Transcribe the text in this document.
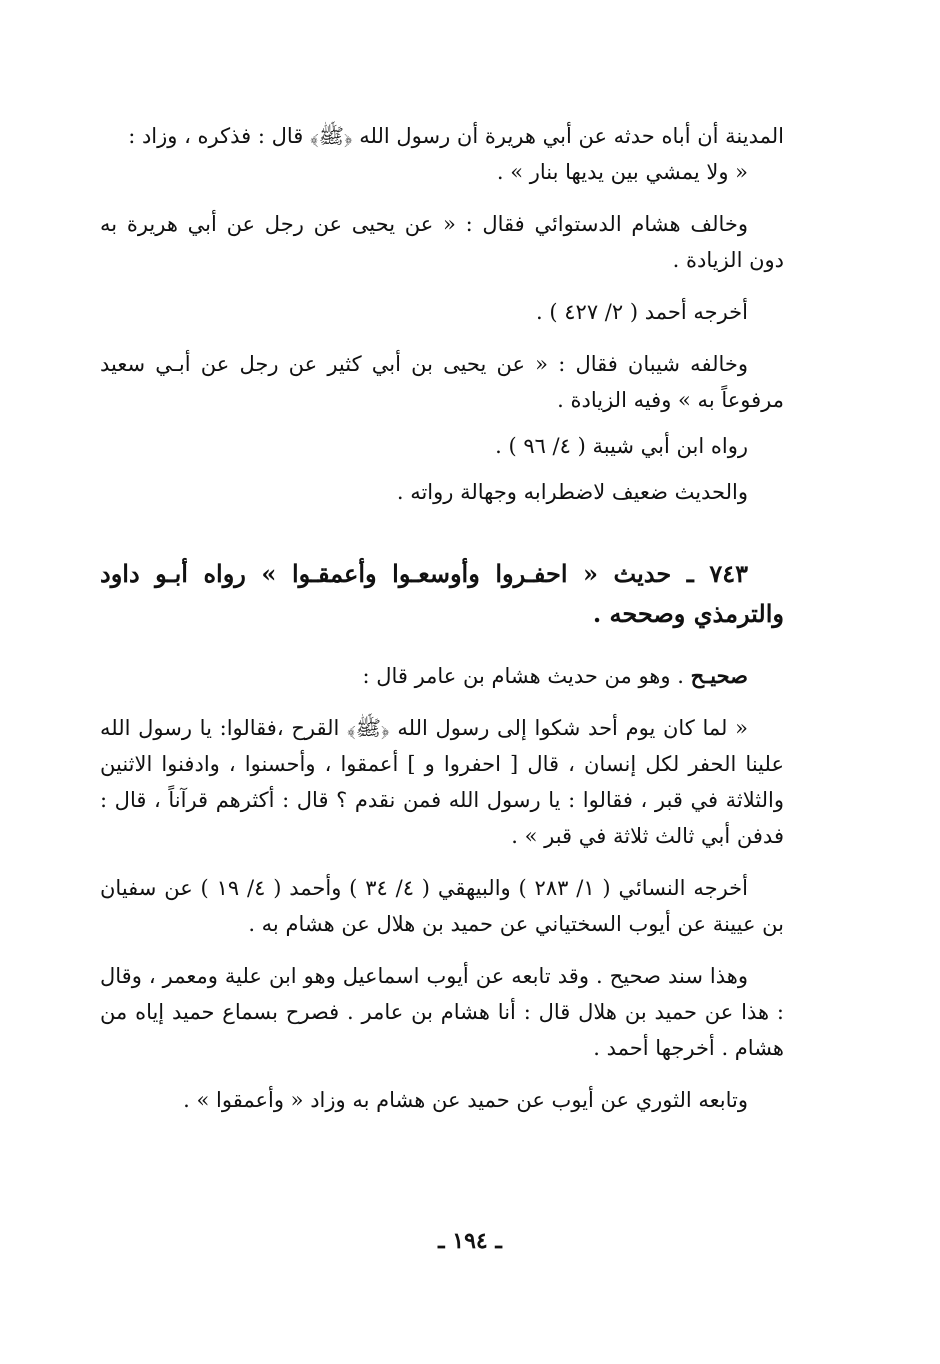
المدينة أن أباه حدثه عن أبي هريرة أن رسول الله ﴿ﷺ﴾ قال : فذكره ، وزاد :

« ولا يمشي بين يديها بنار » .

وخالف هشام الدستوائي فقال : « عن يحيى عن رجل عن أبي هريرة به دون الزيادة .

أخرجه أحمد ( ٢/ ٤٢٧ ) .

وخالفه شيبان فقال : « عن يحيى بن أبي كثير عن رجل عن أبـي سعيد مرفوعاً به » وفيه الزيادة .

رواه ابن أبي شيبة ( ٤/ ٩٦ ) .

والحديث ضعيف لاضطرابه وجهالة رواته .

٧٤٣ ـ حديث « احفـروا وأوسعـوا وأعمقـوا » رواه أبـو داود والترمذي وصححه .

صحيـح . وهو من حديث هشام بن عامر قال :

« لما كان يوم أحد شكوا إلى رسول الله ﴿ﷺ﴾ القرح ،فقالوا: يا رسول الله علينا الحفر لكل إنسان ، قال [ احفروا و ] أعمقوا ، وأحسنوا ، وادفنوا الاثنين والثلاثة في قبر ، فقالوا : يا رسول الله فمن نقدم ؟ قال : أكثرهم قرآناً ، قال : فدفن أبي ثالث ثلاثة في قبر » .

أخرجه النسائي ( ١/ ٢٨٣ ) والبيهقي ( ٤/ ٣٤ ) وأحمد ( ٤/ ١٩ ) عن سفيان بن عيينة عن أيوب السختياني عن حميد بن هلال عن هشام به .

وهذا سند صحيح . وقد تابعه عن أيوب اسماعيل وهو ابن علية ومعمر ، وقال : هذا عن حميد بن هلال قال : أنا هشام بن عامر . فصرح بسماع حميد إياه من هشام . أخرجها أحمد .

وتابعه الثوري عن أيوب عن حميد عن هشام به وزاد « وأعمقوا » .

ـ ١٩٤ ـ
